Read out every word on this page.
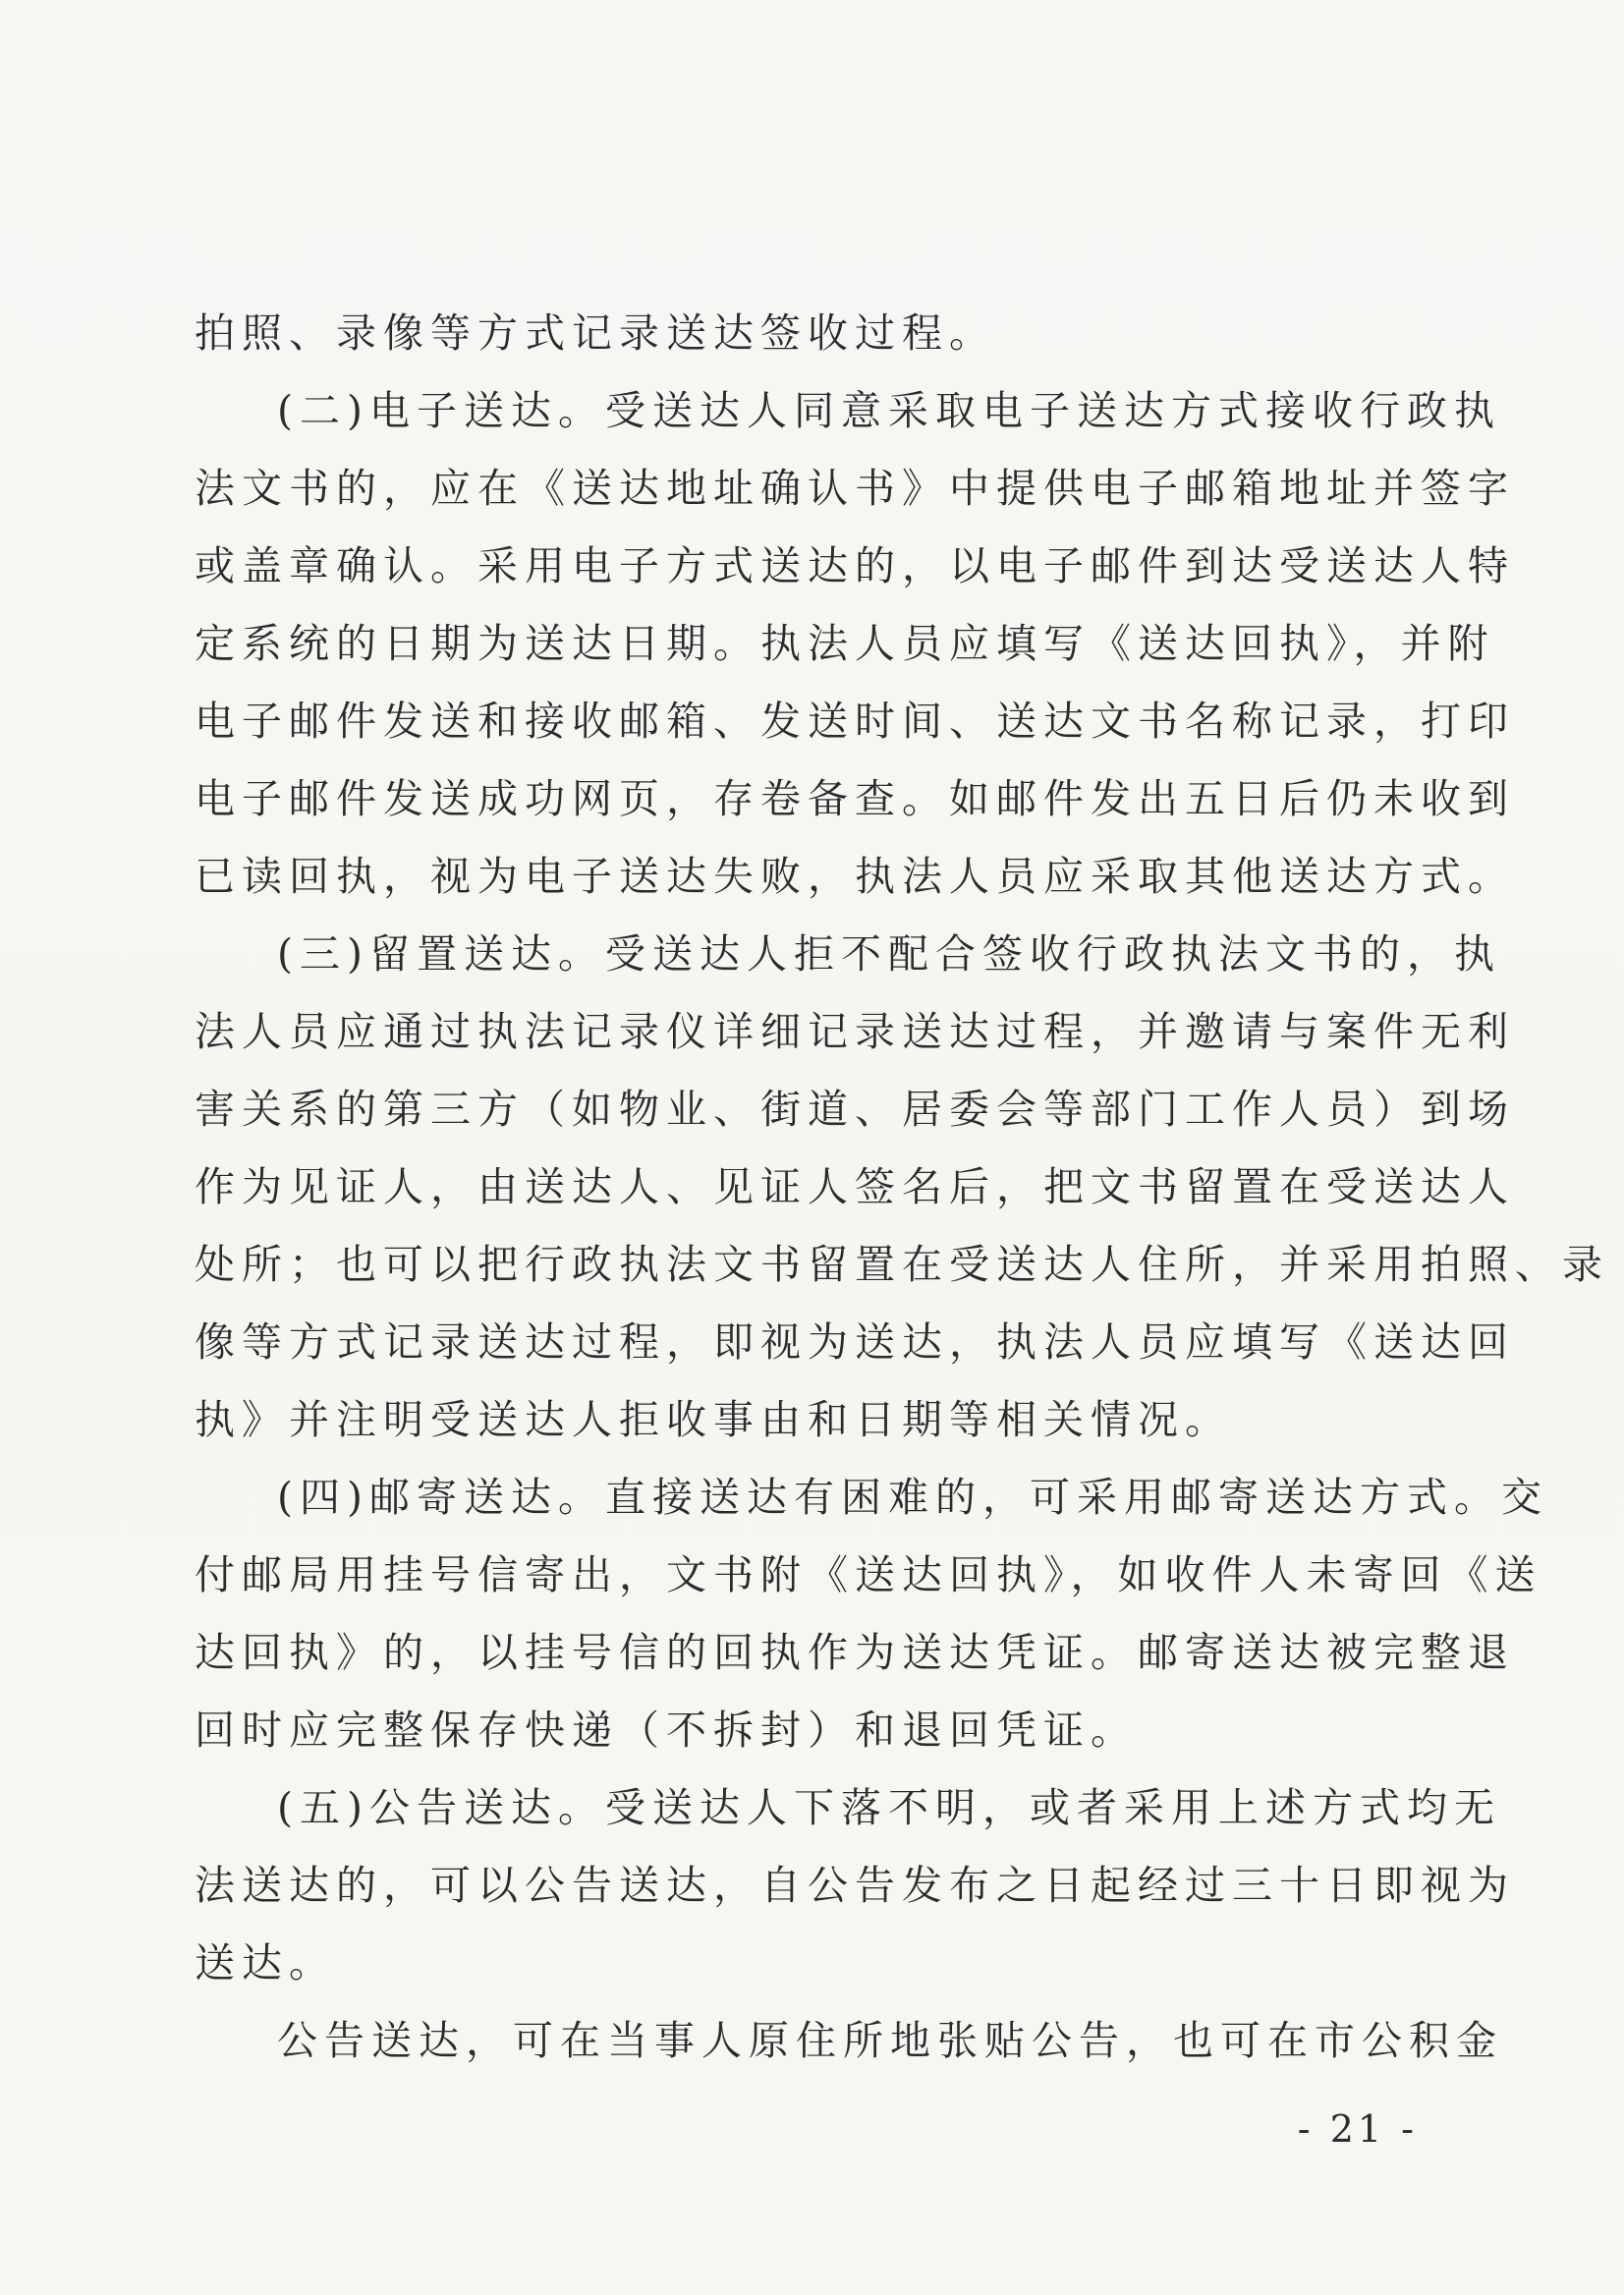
拍照、录像等方式记录送达签收过程。
(二)电子送达。受送达人同意采取电子送达方式接收行政执
法文书的，应在《送达地址确认书》中提供电子邮箱地址并签字
或盖章确认。采用电子方式送达的，以电子邮件到达受送达人特
定系统的日期为送达日期。执法人员应填写《送达回执》，并附
电子邮件发送和接收邮箱、发送时间、送达文书名称记录，打印
电子邮件发送成功网页，存卷备查。如邮件发出五日后仍未收到
已读回执，视为电子送达失败，执法人员应采取其他送达方式。
(三)留置送达。受送达人拒不配合签收行政执法文书的，执
法人员应通过执法记录仪详细记录送达过程，并邀请与案件无利
害关系的第三方（如物业、街道、居委会等部门工作人员）到场
作为见证人，由送达人、见证人签名后，把文书留置在受送达人
处所；也可以把行政执法文书留置在受送达人住所，并采用拍照、录
像等方式记录送达过程，即视为送达，执法人员应填写《送达回
执》并注明受送达人拒收事由和日期等相关情况。
(四)邮寄送达。直接送达有困难的，可采用邮寄送达方式。交
付邮局用挂号信寄出，文书附《送达回执》，如收件人未寄回《送
达回执》的，以挂号信的回执作为送达凭证。邮寄送达被完整退
回时应完整保存快递（不拆封）和退回凭证。
(五)公告送达。受送达人下落不明，或者采用上述方式均无
法送达的，可以公告送达，自公告发布之日起经过三十日即视为
送达。
公告送达，可在当事人原住所地张贴公告，也可在市公积金
- 21 -
